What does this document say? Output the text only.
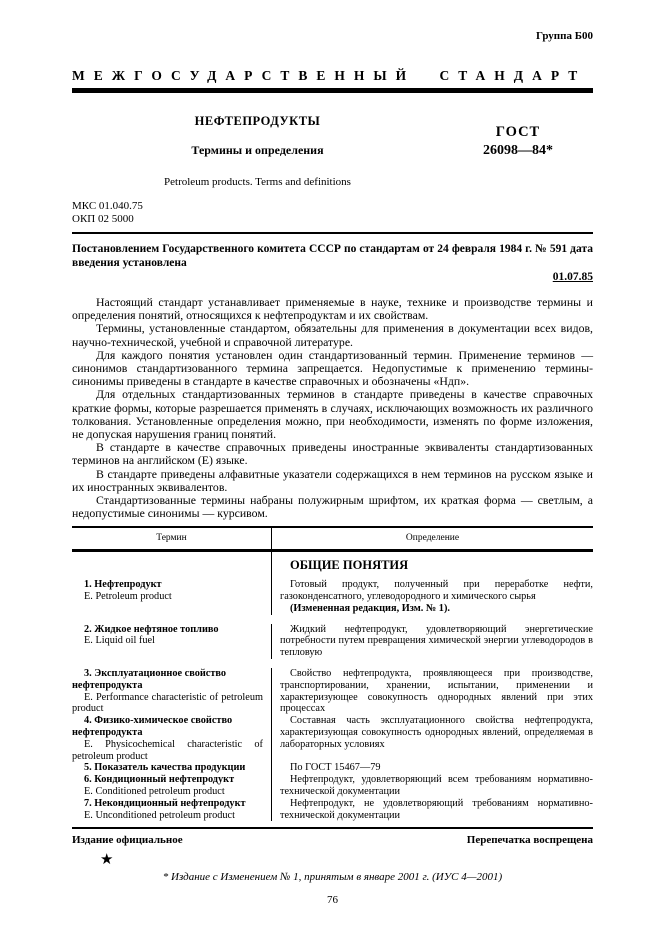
Группа Б00
МЕЖГОСУДАРСТВЕННЫЙ СТАНДАРТ
НЕФТЕПРОДУКТЫ
Термины и определения
Petroleum products. Terms and definitions
ГОСТ
26098—84*
МКС 01.040.75
ОКП 02 5000
Постановлением Государственного комитета СССР по стандартам от 24 февраля 1984 г. № 591 дата введения установлена
01.07.85

Настоящий стандарт устанавливает применяемые в науке, технике и производстве термины и определения понятий, относящихся к нефтепродуктам и их свойствам.

Термины, установленные стандартом, обязательны для применения в документации всех видов, научно-технической, учебной и справочной литературе.

Для каждого понятия установлен один стандартизованный термин. Применение терминов — синонимов стандартизованного термина запрещается. Недопустимые к применению термины-синонимы приведены в стандарте в качестве справочных и обозначены «Ндп».

Для отдельных стандартизованных терминов в стандарте приведены в качестве справочных краткие формы, которые разрешается применять в случаях, исключающих возможность их различного толкования. Установленные определения можно, при необходимости, изменять по форме изложения, не допуская нарушения границ понятий.

В стандарте в качестве справочных приведены иностранные эквиваленты стандартизованных терминов на английском (Е) языке.

В стандарте приведены алфавитные указатели содержащихся в нем терминов на русском языке и их иностранных эквивалентов.

Стандартизованные термины набраны полужирным шрифтом, их краткая форма — светлым, а недопустимые синонимы — курсивом.

Термин	Определение
ОБЩИЕ ПОНЯТИЯ
1. Нефтепродукт
E. Petroleum product
Готовый продукт, полученный при переработке нефти, газоконденсатного, углеводородного и химического сырья
(Измененная редакция, Изм. № 1).
2. Жидкое нефтяное топливо
E. Liquid oil fuel
Жидкий нефтепродукт, удовлетворяющий энергетические потребности путем превращения химической энергии углеводородов в тепловую
3. Эксплуатационное свойство нефтепродукта
E. Performance characteristic of petroleum product
Свойство нефтепродукта, проявляющееся при производстве, транспортировании, хранении, испытании, применении и характеризующее совокупность однородных явлений при этих процессах
4. Физико-химическое свойство нефтепродукта
E. Physicochemical characteristic of petroleum product
Составная часть эксплуатационного свойства нефтепродукта, характеризующая совокупность однородных явлений, определяемая в лабораторных условиях
5. Показатель качества продукции	По ГОСТ 15467—79
6. Кондиционный нефтепродукт
E. Conditioned petroleum product
Нефтепродукт, удовлетворяющий всем требованиям нормативно-технической документации
7. Некондиционный нефтепродукт
E. Unconditioned petroleum product
Нефтепродукт, не удовлетворяющий требованиям нормативно-технической документации
Издание официальное	Перепечатка воспрещена
★
* Издание с Изменением № 1, принятым в январе 2001 г. (ИУС 4—2001)
76
